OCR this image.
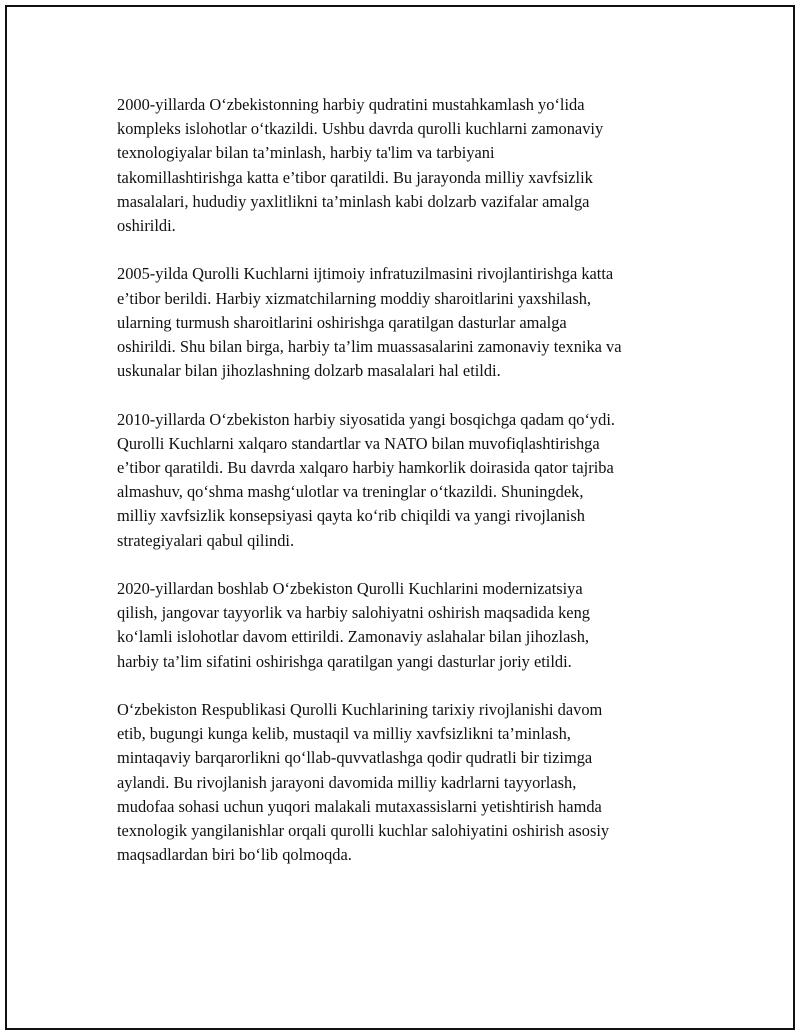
2000-yillarda O‘zbekistonning harbiy qudratini mustahkamlash yo‘lida
kompleks islohotlar o‘tkazildi. Ushbu davrda qurolli kuchlarni zamonaviy
texnologiyalar bilan ta’minlash, harbiy ta'lim va tarbiyani
takomillashtirishga katta e’tibor qaratildi. Bu jarayonda milliy xavfsizlik
masalalari, hududiy yaxlitlikni ta’minlash kabi dolzarb vazifalar amalga
oshirildi.

2005-yilda Qurolli Kuchlarni ijtimoiy infratuzilmasini rivojlantirishga katta
e’tibor berildi. Harbiy xizmatchilarning moddiy sharoitlarini yaxshilash,
ularning turmush sharoitlarini oshirishga qaratilgan dasturlar amalga
oshirildi. Shu bilan birga, harbiy ta’lim muassasalarini zamonaviy texnika va
uskunalar bilan jihozlashning dolzarb masalalari hal etildi.

2010-yillarda O‘zbekiston harbiy siyosatida yangi bosqichga qadam qo‘ydi.
Qurolli Kuchlarni xalqaro standartlar va NATO bilan muvofiqlashtirishga
e’tibor qaratildi. Bu davrda xalqaro harbiy hamkorlik doirasida qator tajriba
almashuv, qo‘shma mashg‘ulotlar va treninglar o‘tkazildi. Shuningdek,
milliy xavfsizlik konsepsiyasi qayta ko‘rib chiqildi va yangi rivojlanish
strategiyalari qabul qilindi.

2020-yillardan boshlab O‘zbekiston Qurolli Kuchlarini modernizatsiya
qilish, jangovar tayyorlik va harbiy salohiyatni oshirish maqsadida keng
ko‘lamli islohotlar davom ettirildi. Zamonaviy aslahalar bilan jihozlash,
harbiy ta’lim sifatini oshirishga qaratilgan yangi dasturlar joriy etildi.

O‘zbekiston Respublikasi Qurolli Kuchlarining tarixiy rivojlanishi davom
etib, bugungi kunga kelib, mustaqil va milliy xavfsizlikni ta’minlash,
mintaqaviy barqarorlikni qo‘llab-quvvatlashga qodir qudratli bir tizimga
aylandi. Bu rivojlanish jarayoni davomida milliy kadrlarni tayyorlash,
mudofaa sohasi uchun yuqori malakali mutaxassislarni yetishtirish hamda
texnologik yangilanishlar orqali qurolli kuchlar salohiyatini oshirish asosiy
maqsadlardan biri bo‘lib qolmoqda.
